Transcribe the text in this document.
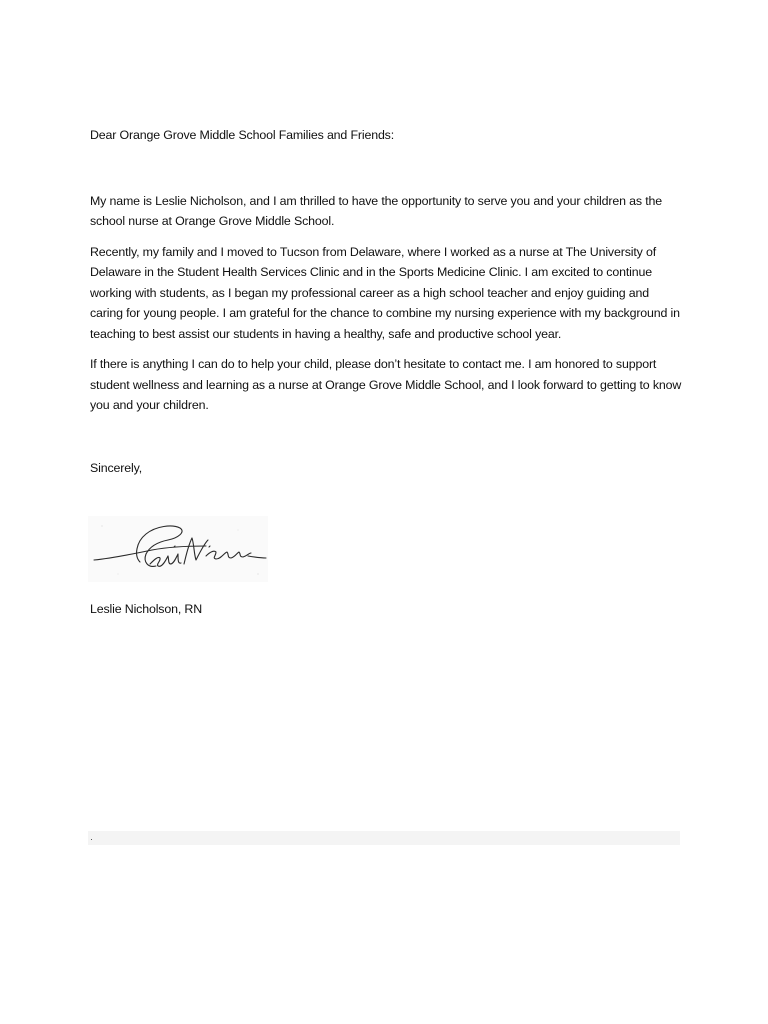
Dear Orange Grove Middle School Families and Friends:

My name is Leslie Nicholson, and I am thrilled to have the opportunity to serve you and your children as the school nurse at Orange Grove Middle School.

Recently, my family and I moved to Tucson from Delaware, where I worked as a nurse at The University of Delaware in the Student Health Services Clinic and in the Sports Medicine Clinic. I am excited to continue working with students, as I began my professional career as a high school teacher and enjoy guiding and caring for young people. I am grateful for the chance to combine my nursing experience with my background in teaching to best assist our students in having a healthy, safe and productive school year.

If there is anything I can do to help your child, please don’t hesitate to contact me. I am honored to support student wellness and learning as a nurse at Orange Grove Middle School, and I look forward to getting to know you and your children.

Sincerely,

Leslie Nicholson, RN
